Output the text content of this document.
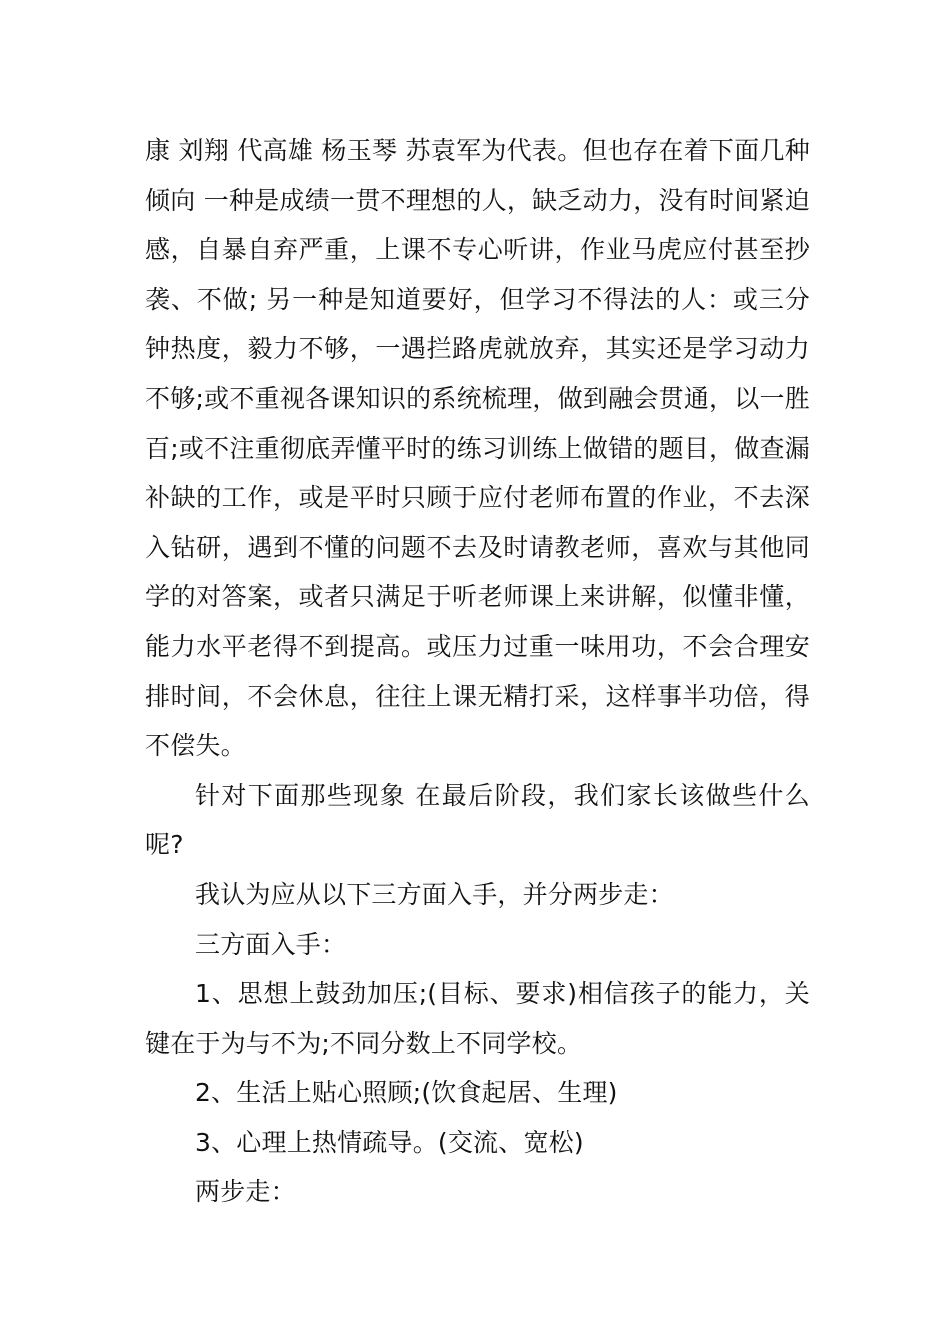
康 刘翔 代高雄 杨玉琴 苏袁军为代表。但也存在着下面几种倾向 一种是成绩一贯不理想的人，缺乏动力，没有时间紧迫感，自暴自弃严重，上课不专心听讲，作业马虎应付甚至抄袭、不做; 另一种是知道要好，但学习不得法的人：或三分钟热度，毅力不够，一遇拦路虎就放弃，其实还是学习动力不够;或不重视各课知识的系统梳理，做到融会贯通，以一胜百;或不注重彻底弄懂平时的练习训练上做错的题目，做查漏补缺的工作，或是平时只顾于应付老师布置的作业，不去深入钻研，遇到不懂的问题不去及时请教老师，喜欢与其他同学的对答案，或者只满足于听老师课上来讲解，似懂非懂，能力水平老得不到提高。或压力过重一味用功，不会合理安排时间，不会休息，往往上课无精打采，这样事半功倍，得不偿失。

针对下面那些现象 在最后阶段，我们家长该做些什么呢?

我认为应从以下三方面入手，并分两步走：

三方面入手：

1、思想上鼓劲加压;(目标、要求)相信孩子的能力，关键在于为与不为;不同分数上不同学校。

2、生活上贴心照顾;(饮食起居、生理)

3、心理上热情疏导。(交流、宽松)

两步走：
